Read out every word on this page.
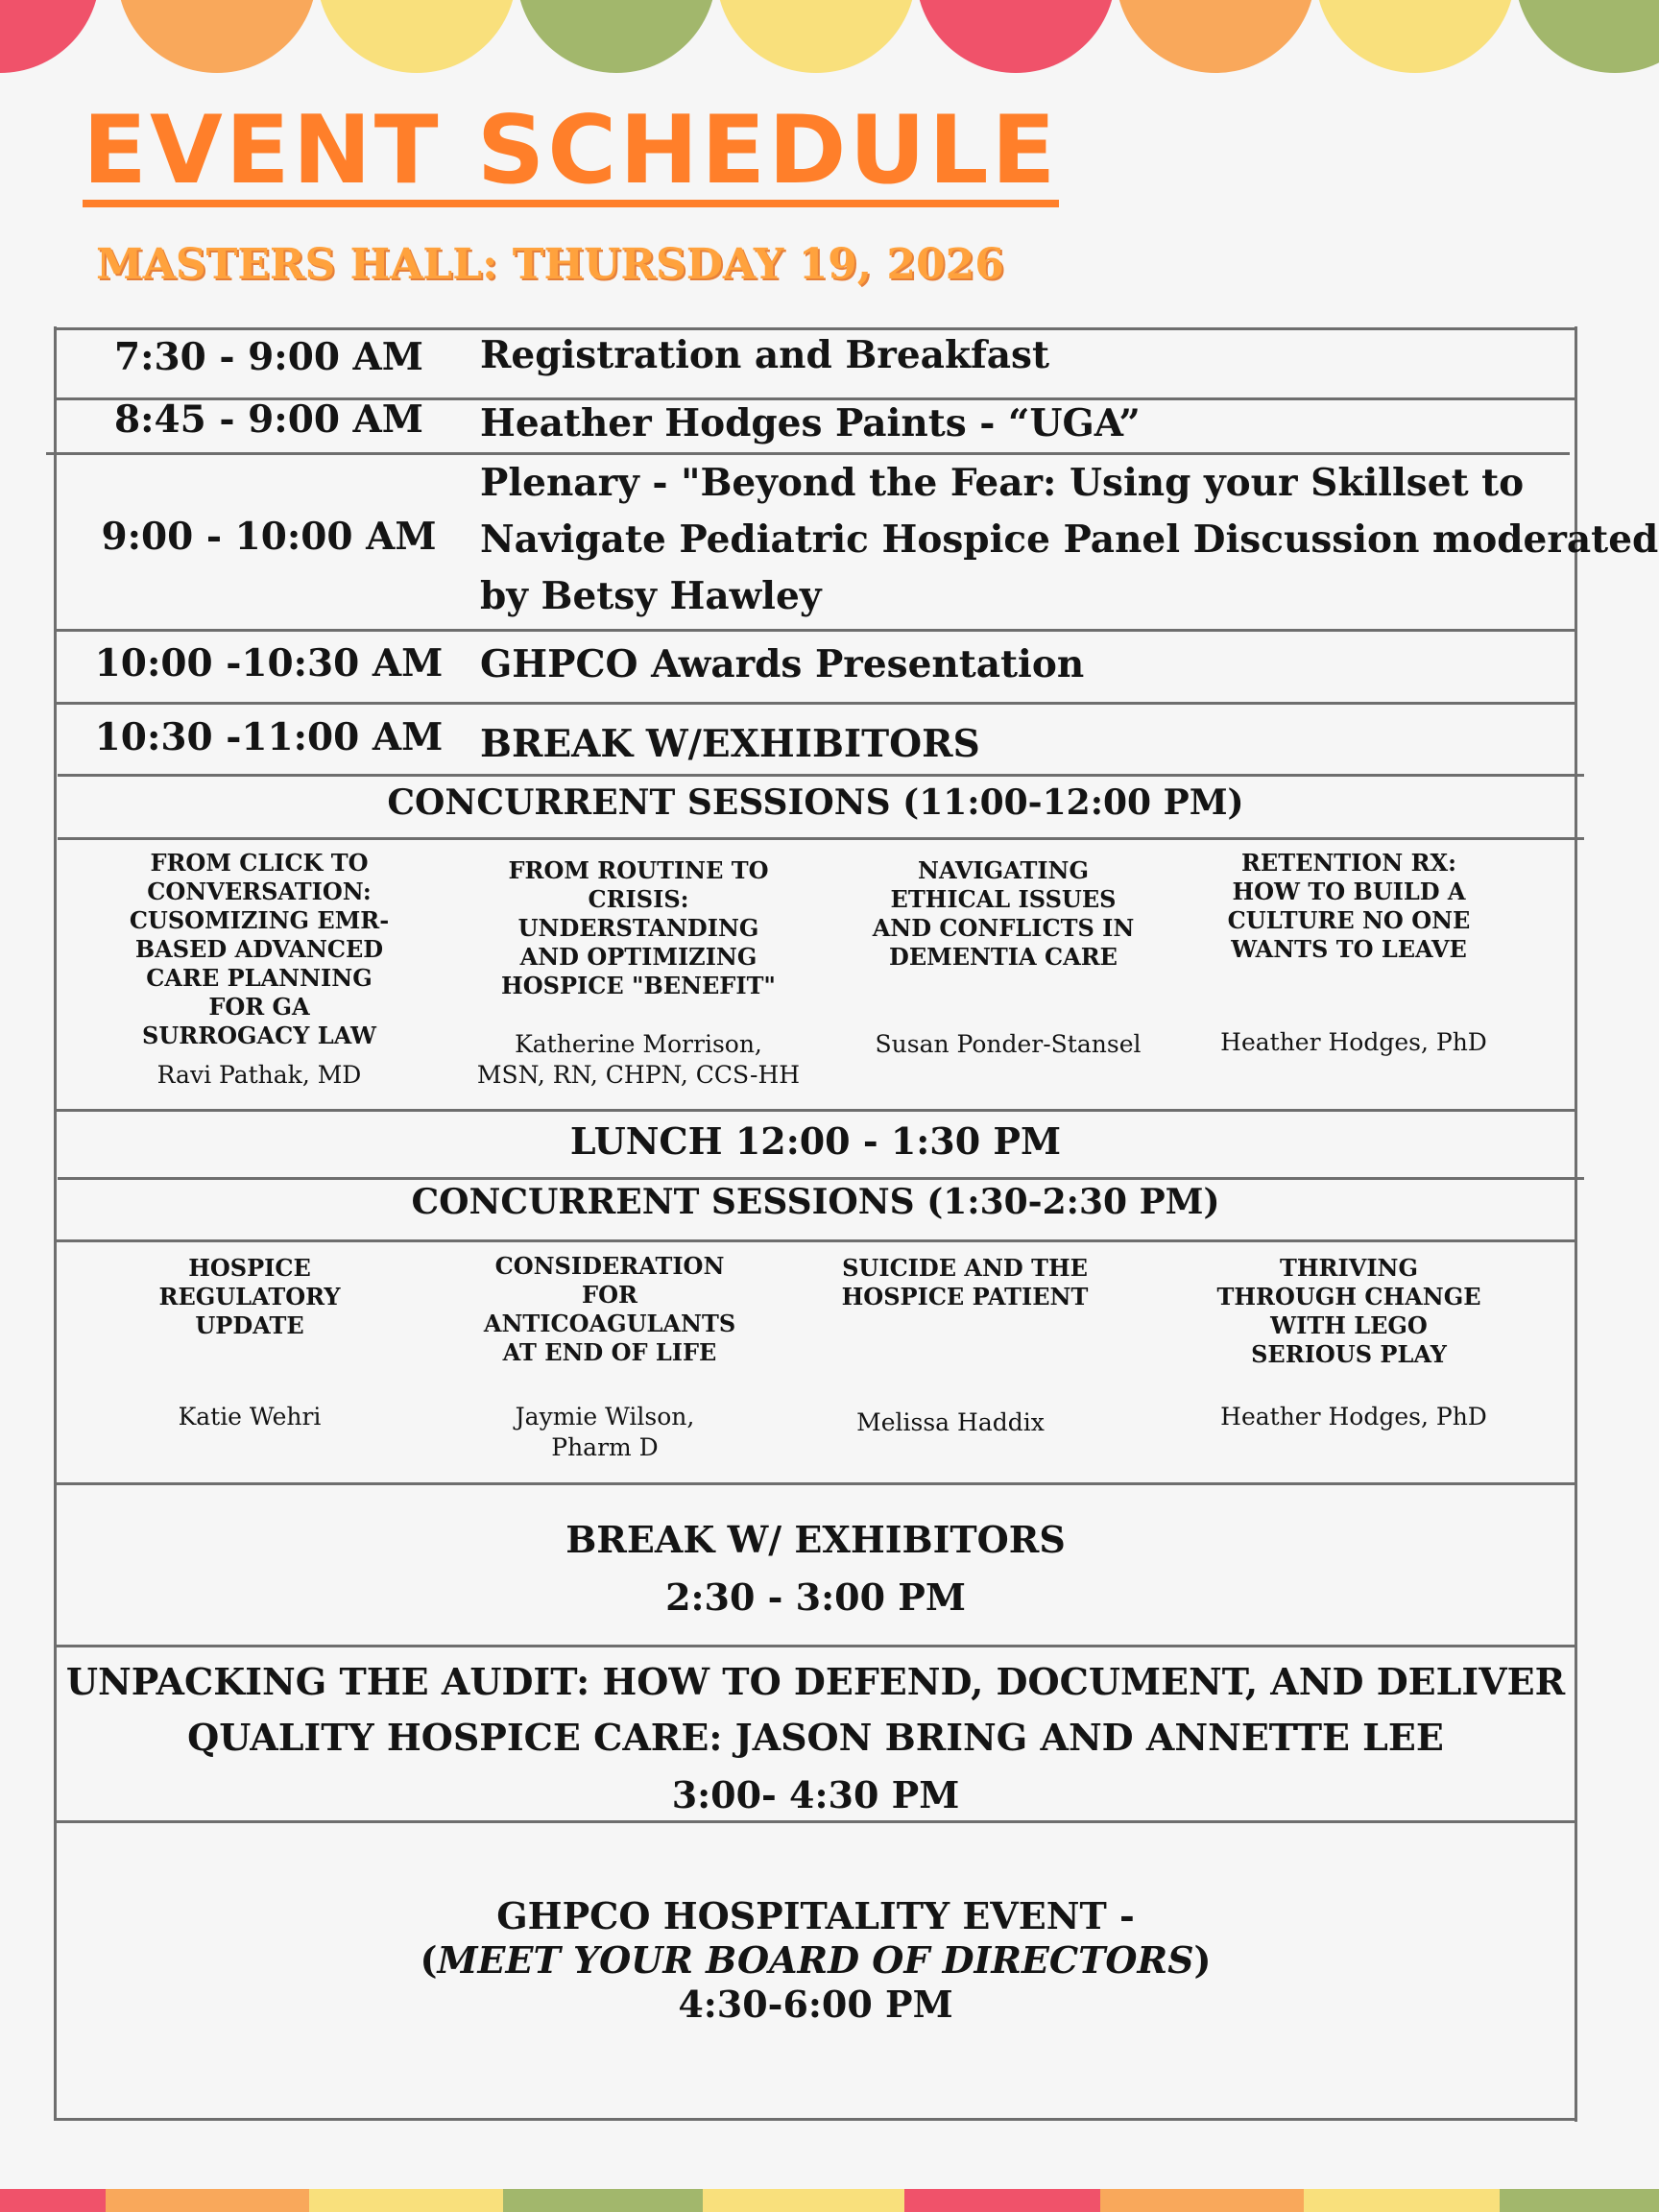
EVENT SCHEDULE
MASTERS HALL: THURSDAY 19, 2026
7:30 - 9:00 AM	Registration and Breakfast
8:45 - 9:00 AM	Heather Hodges Paints - “UGA”
9:00 - 10:00 AM
Plenary - "Beyond the Fear: Using your Skillset to
Navigate Pediatric Hospice Panel Discussion moderated
by Betsy Hawley
10:00 -10:30 AM GHPCO Awards Presentation
10:30 -11:00 AM BREAK W/EXHIBITORS
CONCURRENT SESSIONS (11:00-12:00 PM)
FROM CLICK TO
CONVERSATION:
CUSOMIZING EMR-
BASED ADVANCED
CARE PLANNING
FOR GA
SURROGACY LAW
Ravi Pathak, MD
FROM ROUTINE TO
CRISIS:
UNDERSTANDING
AND OPTIMIZING
HOSPICE "BENEFIT"
Katherine Morrison,
MSN, RN, CHPN, CCS-HH
NAVIGATING
ETHICAL ISSUES
AND CONFLICTS IN
DEMENTIA CARE
Susan Ponder-Stansel
RETENTION RX:
HOW TO BUILD A
CULTURE NO ONE
WANTS TO LEAVE
Heather Hodges, PhD
LUNCH 12:00 - 1:30 PM
CONCURRENT SESSIONS (1:30-2:30 PM)
HOSPICE
REGULATORY
UPDATE
Katie Wehri
CONSIDERATION
FOR
ANTICOAGULANTS
AT END OF LIFE
Jaymie Wilson,
Pharm D
SUICIDE AND THE
HOSPICE PATIENT
Melissa Haddix
THRIVING
THROUGH CHANGE
WITH LEGO
SERIOUS PLAY
Heather Hodges, PhD
BREAK W/ EXHIBITORS
2:30 - 3:00 PM
UNPACKING THE AUDIT: HOW TO DEFEND, DOCUMENT, AND DELIVER
QUALITY HOSPICE CARE: JASON BRING AND ANNETTE LEE
3:00- 4:30 PM
GHPCO HOSPITALITY EVENT -
(MEET YOUR BOARD OF DIRECTORS)
4:30-6:00 PM
